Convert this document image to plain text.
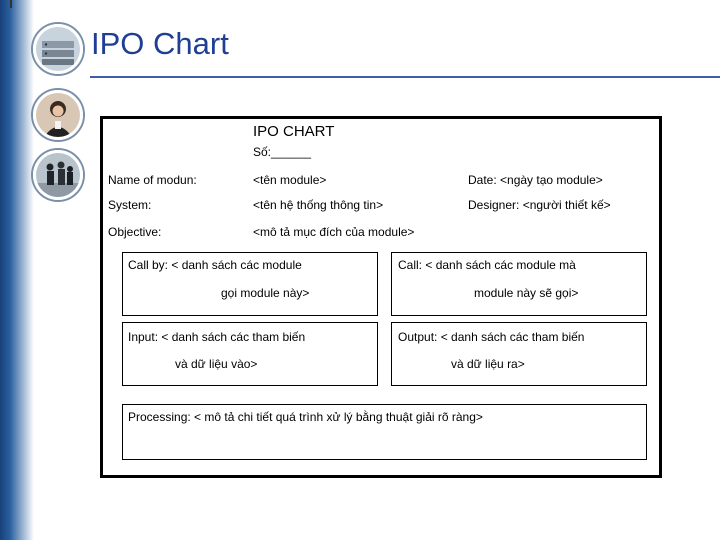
IPO Chart
IPO CHART
Số:______
Name of modun:	<tên module>	Date: <ngày tạo module>
System:	<tên hệ thống thông tin>	Designer: <người thiết kế>
Objective:	<mô tả mục đích của module>
Call by: < danh sách các module
gọi module này>
Call: < danh sách các module mà
module này sẽ gọi>
Input: < danh sách các tham biến
và dữ liệu vào>
Output: < danh sách các tham biến
và dữ liệu ra>
Processing: < mô tả chi tiết quá trình xử lý bằng thuật giải rõ ràng>
